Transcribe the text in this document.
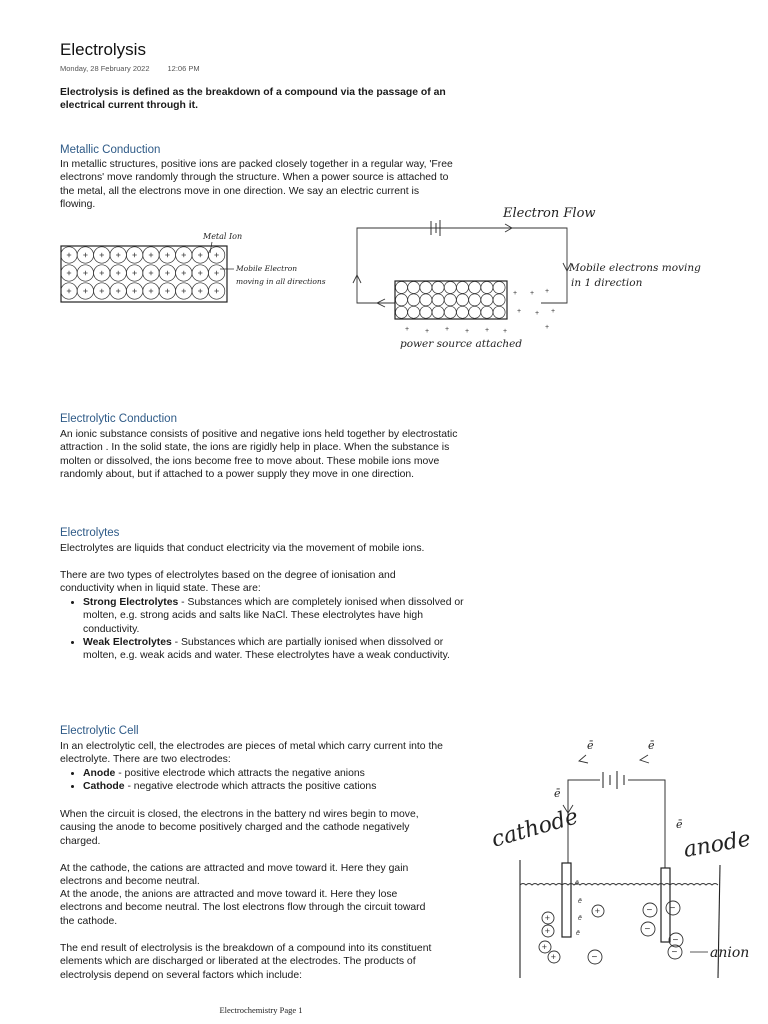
Electrolysis
Monday, 28 February 2022 12:06 PM
Electrolysis is defined as the breakdown of a compound via the passage of an electrical current through it.
Metallic Conduction
In metallic structures, positive ions are packed closely together in a regular way, 'Free electrons' move randomly through the structure. When a power source is attached to the metal, all the electrons move in one direction. We say an electric current is flowing.
Metal Ion
Mobile Electron
moving in all directions
Electron Flow
+ + +
+ + +
+ + + + + +
+
Mobile electrons moving
in 1 direction
power source attached
Electrolytic Conduction
An ionic substance consists of positive and negative ions held together by electrostatic attraction . In the solid state, the ions are rigidly help in place. When the substance is molten or dissolved, the ions become free to move about. These mobile ions move randomly about, but if attached to a power supply they move in one direction.
Electrolytes
Electrolytes are liquids that conduct electricity via the movement of mobile ions.
There are two types of electrolytes based on the degree of ionisation and conductivity when in liquid state. These are:
• Strong Electrolytes - Substances which are completely ionised when dissolved or molten, e.g. strong acids and salts like NaCl. These electrolytes have high conductivity.
• Weak Electrolytes - Substances which are partially ionised when dissolved or molten, e.g. weak acids and water. These electrolytes have a weak conductivity.
Electrolytic Cell
In an electrolytic cell, the electrodes are pieces of metal which carry current into the electrolyte. There are two electrodes:
• Anode - positive electrode which attracts the negative anions
• Cathode - negative electrode which attracts the positive cations
When the circuit is closed, the electrons in the battery nd wires begin to move, causing the anode to become positively charged and the cathode negatively charged.
At the cathode, the cations are attracted and move toward it. Here they gain electrons and become neutral.
At the anode, the anions are attracted and move toward it. Here they lose electrons and become neutral. The lost electrons flow through the circuit toward the cathode.
The end result of electrolysis is the breakdown of a compound into its constituent elements which are discharged or liberated at the electrodes. The products of electrolysis depend on several factors which include:
ē	ē
ē
ē
cathode	anode
+
+
+
+
+
− −
−
−
−	−
ē
ē
ē
ē
anion
Electrochemistry Page 1
